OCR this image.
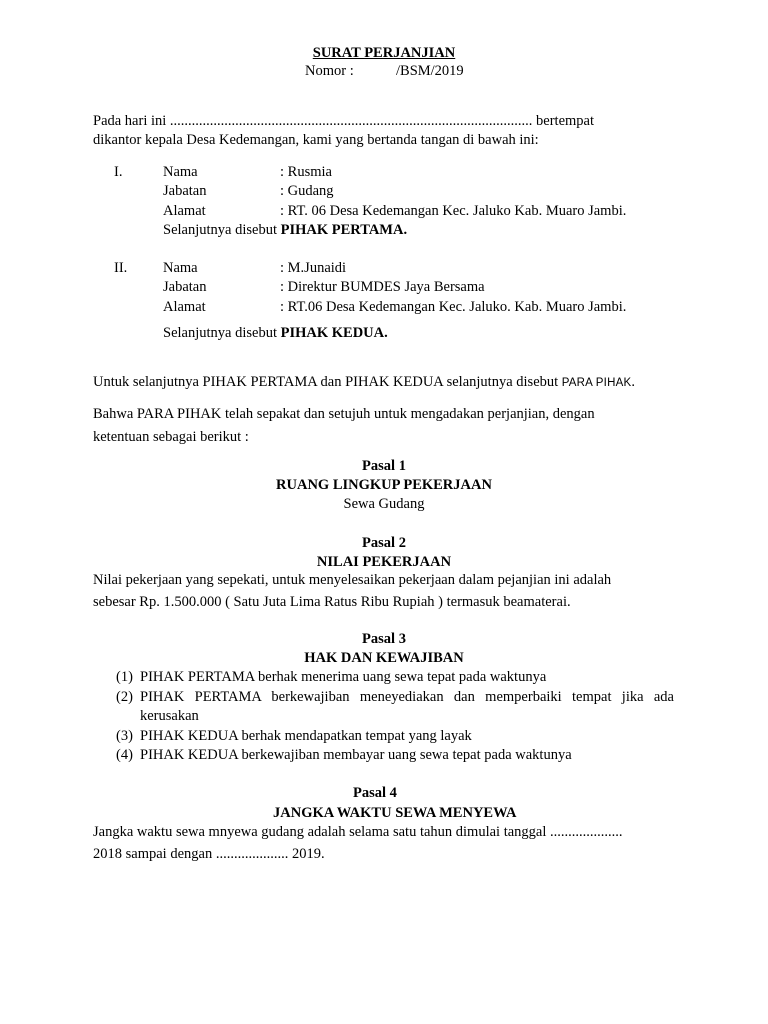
SURAT PERJANJIAN
Nomor :	/BSM/2019
Pada hari ini .................................................................................................... bertempat
dikantor kepala Desa Kedemangan, kami yang bertanda tangan di bawah ini:
I.	Nama	: Rusmia
Jabatan	: Gudang
Alamat	: RT. 06 Desa Kedemangan Kec. Jaluko Kab. Muaro Jambi.
Selanjutnya disebut PIHAK PERTAMA.
II. Nama	: M.Junaidi
Jabatan	: Direktur BUMDES Jaya Bersama
Alamat	: RT.06 Desa Kedemangan Kec. Jaluko. Kab. Muaro Jambi.
Selanjutnya disebut PIHAK KEDUA.
Untuk selanjutnya PIHAK PERTAMA dan PIHAK KEDUA selanjutnya disebut PARA PIHAK.
Bahwa PARA PIHAK telah sepakat dan setujuh untuk mengadakan perjanjian, dengan
ketentuan sebagai berikut :
Pasal 1
RUANG LINGKUP PEKERJAAN
Sewa Gudang
Pasal 2
NILAI PEKERJAAN
Nilai pekerjaan yang sepekati, untuk menyelesaikan pekerjaan dalam pejanjian ini adalah
sebesar Rp. 1.500.000 ( Satu Juta Lima Ratus Ribu Rupiah ) termasuk beamaterai.
Pasal 3
HAK DAN KEWAJIBAN
(1) PIHAK PERTAMA berhak menerima uang sewa tepat pada waktunya
(2) PIHAK PERTAMA berkewajiban meneyediakan dan memperbaiki tempat jika ada
kerusakan
(3) PIHAK KEDUA berhak mendapatkan tempat yang layak
(4) PIHAK KEDUA berkewajiban membayar uang sewa tepat pada waktunya
Pasal 4
JANGKA WAKTU SEWA MENYEWA
Jangka waktu sewa mnyewa gudang adalah selama satu tahun dimulai tanggal ....................
2018 sampai dengan .................... 2019.
